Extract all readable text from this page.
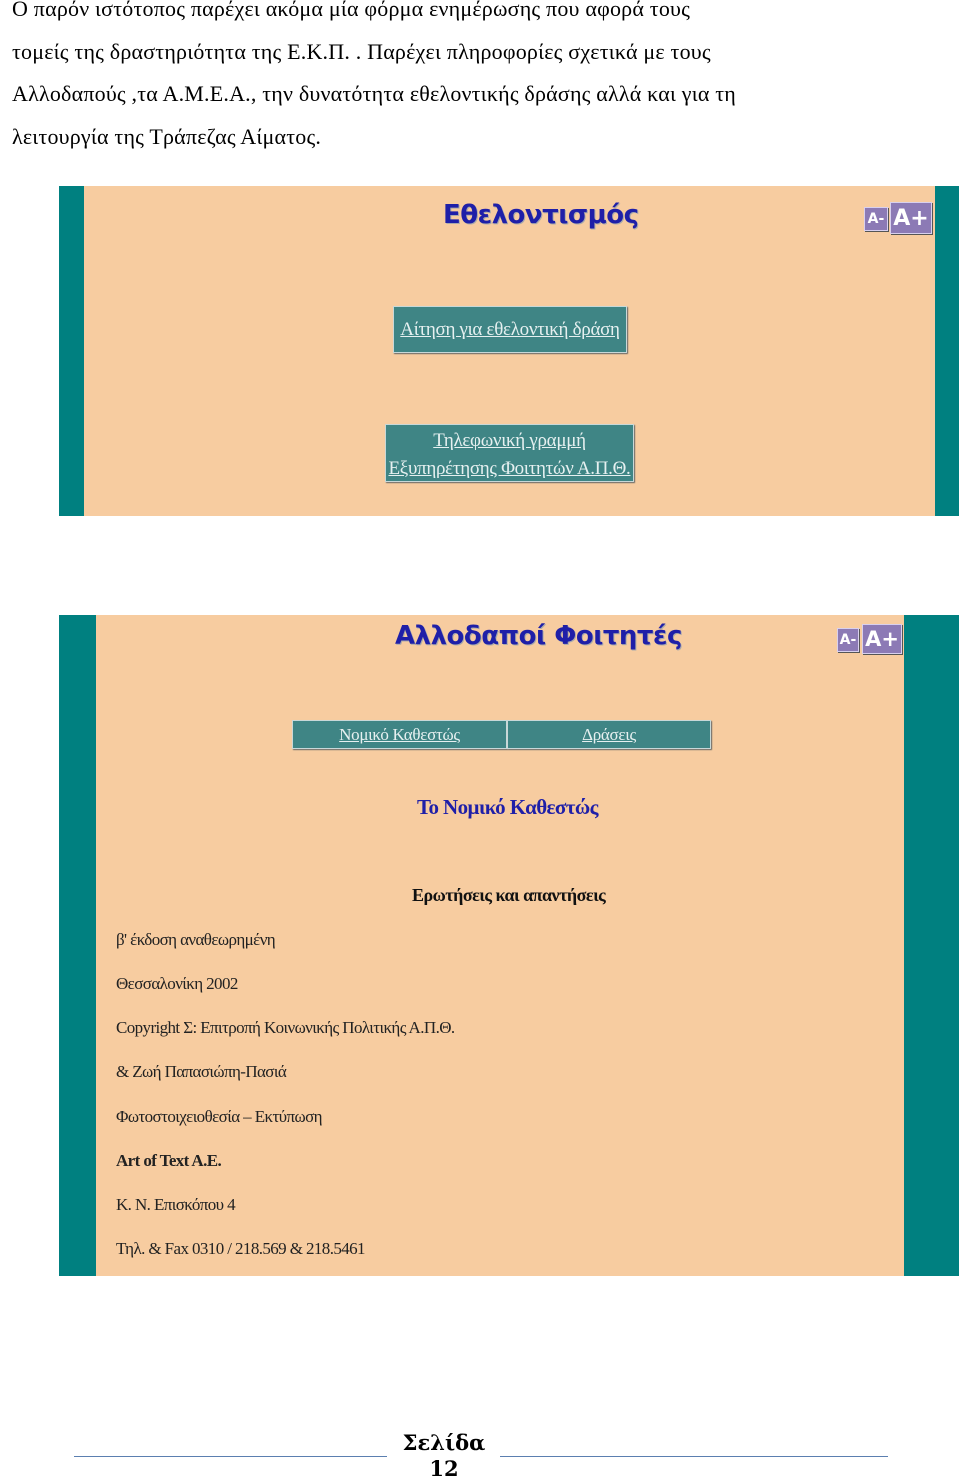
Ο παρόν ιστότοπος παρέχει ακόμα μία φόρμα ενημέρωσης που αφορά τους
τομείς της δραστηριότητα της Ε.Κ.Π. . Παρέχει πληροφορίες σχετικά με τους
Αλλοδαπούς ,τα Α.Μ.Ε.Α., την δυνατότητα εθελοντικής δράσης αλλά και για τη
λειτουργία της Τράπεζας Αίματος.
Εθελοντισμός	A- A+
Αίτηση για εθελοντική δράση
Τηλεφωνική γραμμή
Εξυπηρέτησης Φοιτητών Α.Π.Θ.
Αλλοδαποί Φοιτητές	A- A+
Νομικό Καθεστώς	Δράσεις
Το Νομικό Καθεστώς
Ερωτήσεις και απαντήσεις
β' έκδοση αναθεωρημένη
Θεσσαλονίκη 2002
Copyright Σ: Επιτροπή Κοινωνικής Πολιτικής Α.Π.Θ.
& Ζωή Παπασιώπη-Πασιά
Φωτοστοιχειοθεσία – Εκτύπωση
Art of Text A.E.
Κ. Ν. Επισκόπου 4
Τηλ. & Fax 0310 / 218.569 & 218.5461
Σελίδα
12
